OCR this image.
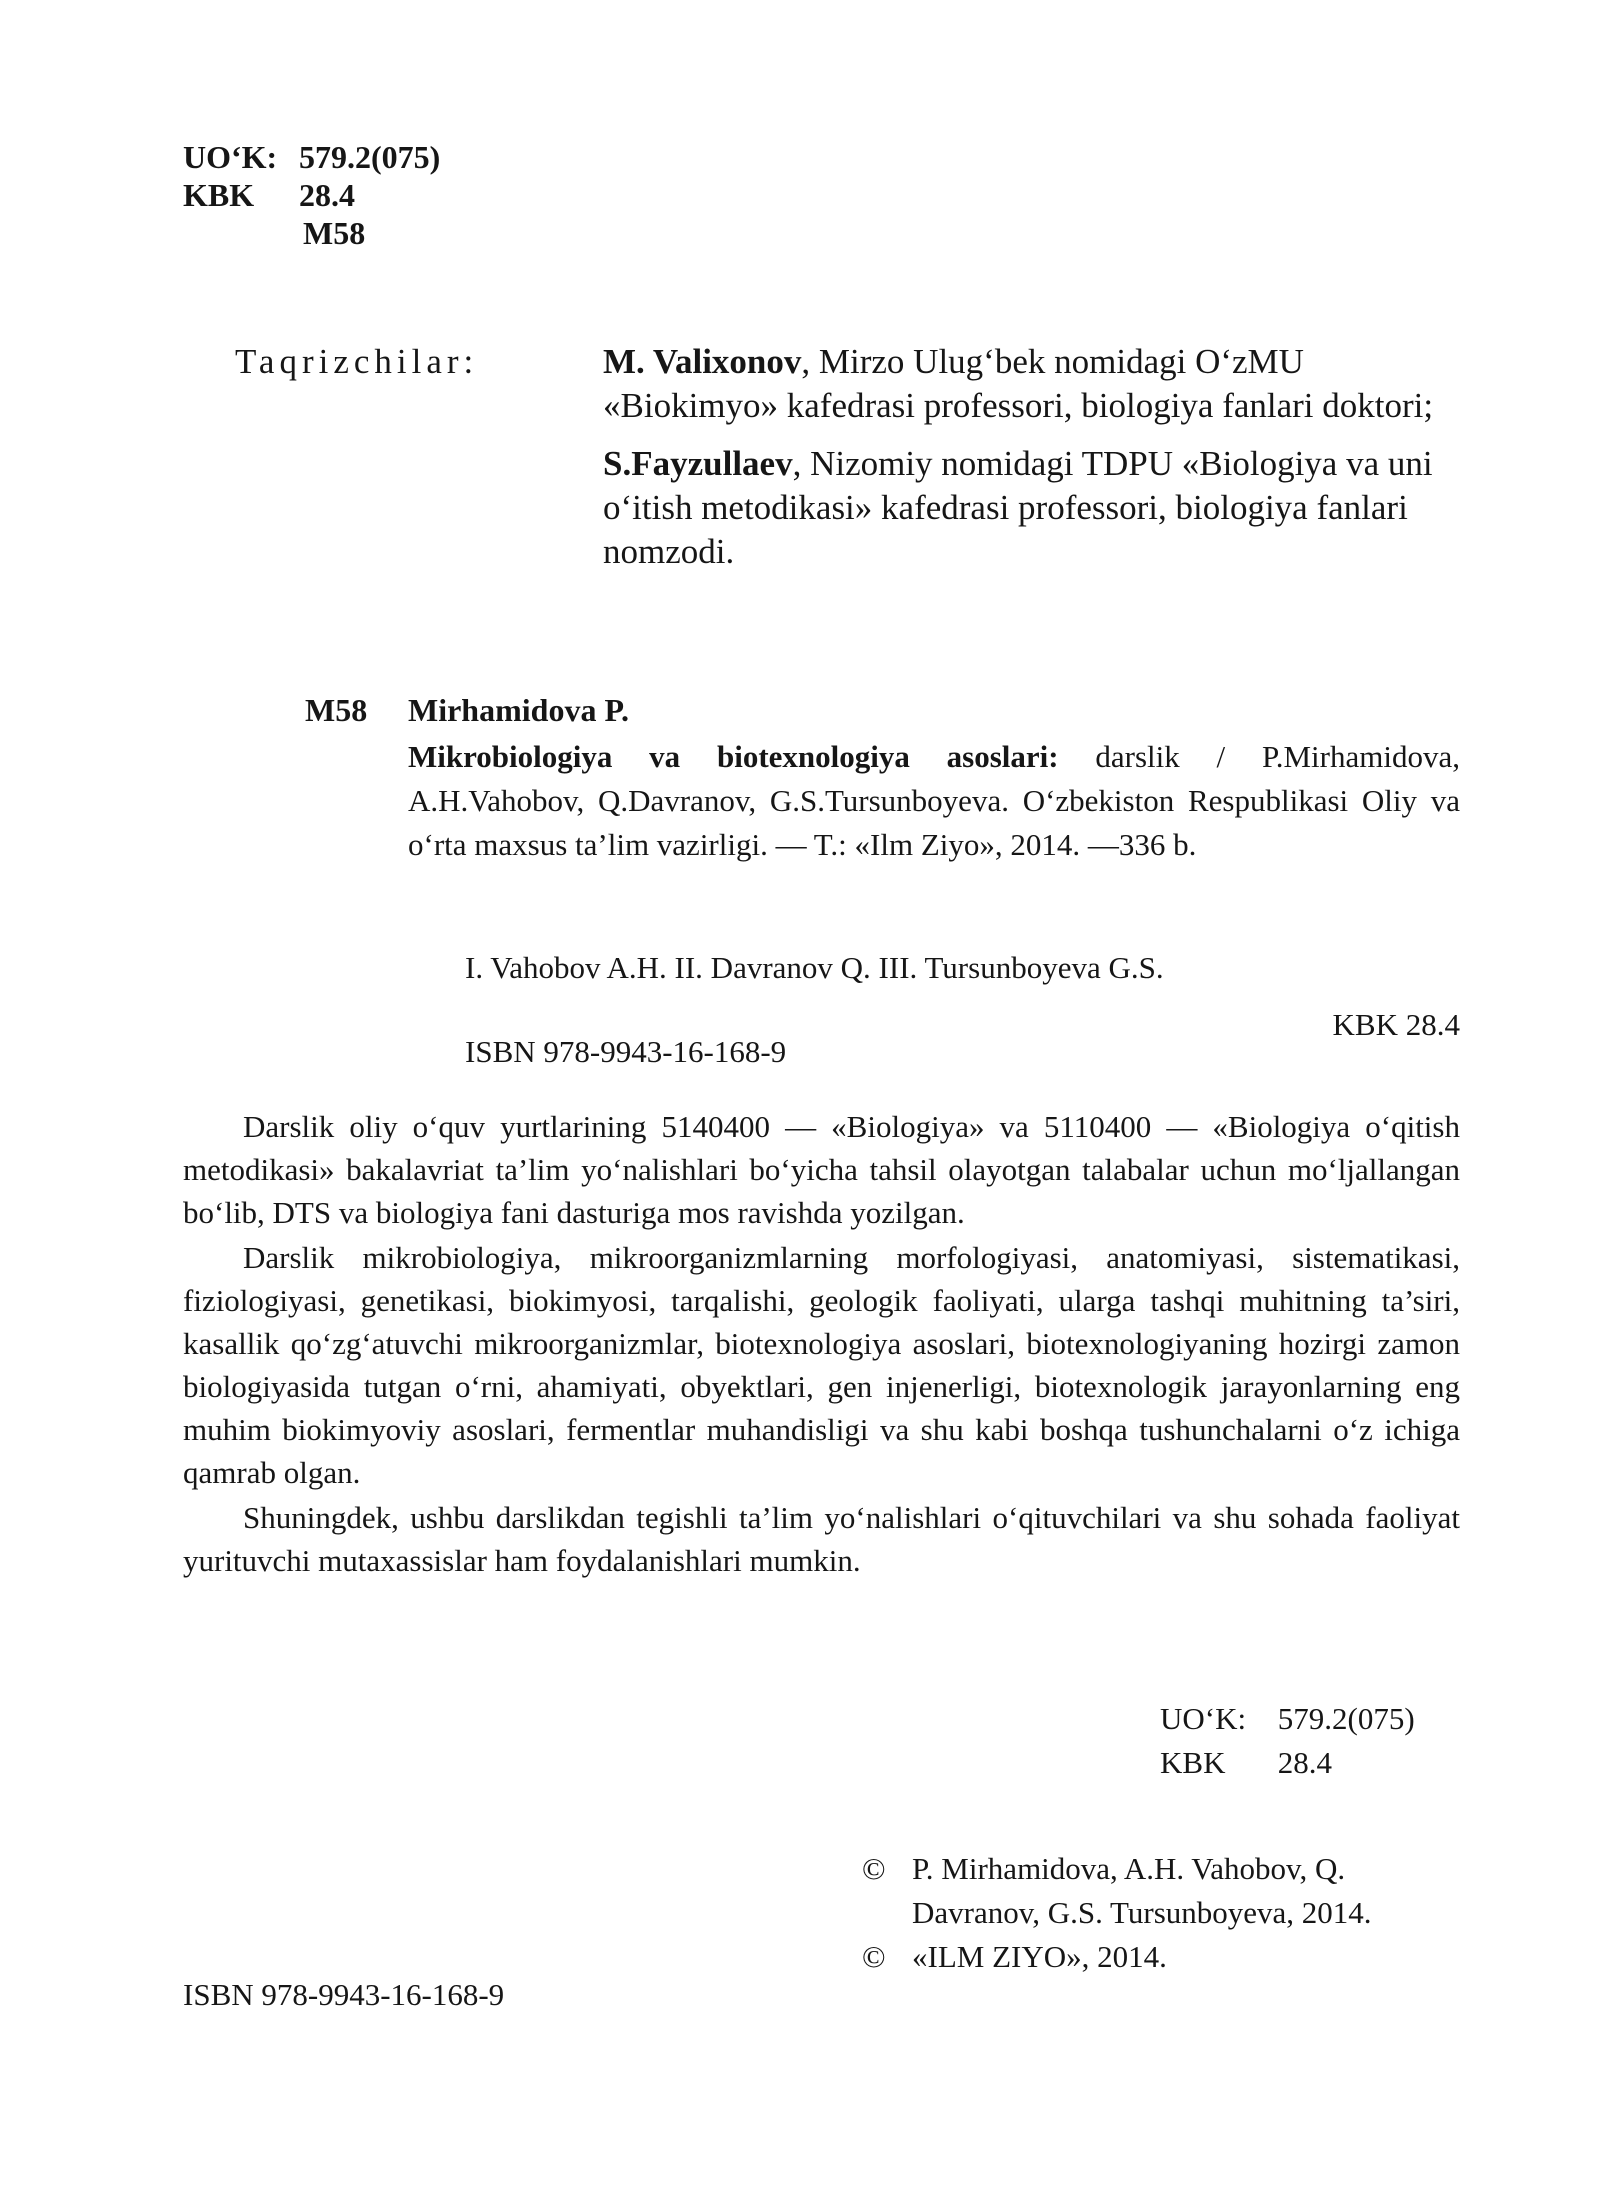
UO‘K: 579.2(075)
KBK 28.4
M58
Taqrizchilar:	M. Valixonov, Mirzo Ulug‘bek nomidagi O‘zMU «Biokimyo» kafedrasi professori, biologiya fanlari doktori;
S.Fayzullaev, Nizomiy nomidagi TDPU «Biologiya va uni o‘itish metodikasi» kafedrasi professori, biologiya fanlari nomzodi.
M58 Mirhamidova P.
Mikrobiologiya va biotexnologiya asoslari: darslik / P.Mirhamidova, A.H.Vahobov, Q.Davranov, G.S.Tursunboyeva. O‘zbekiston Respublikasi Oliy va o‘rta maxsus ta’lim vazirligi. — T.: «Ilm Ziyo», 2014. —336 b.
I. Vahobov A.H. II. Davranov Q. III. Tursunboyeva G.S.
KBK 28.4
ISBN 978-9943-16-168-9

Darslik oliy o‘quv yurtlarining 5140400 — «Biologiya» va 5110400 — «Biologiya o‘qitish metodikasi» bakalavriat ta’lim yo‘nalishlari bo‘yicha tahsil olayotgan talabalar uchun mo‘ljallangan bo‘lib, DTS va biologiya fani dasturiga mos ravishda yozilgan.

Darslik mikrobiologiya, mikroorganizmlarning morfologiyasi, anatomiyasi, sistematikasi, fiziologiyasi, genetikasi, biokimyosi, tarqalishi, geologik faoliyati, ularga tashqi muhitning ta’siri, kasallik qo‘zg‘atuvchi mikroorganizmlar, biotexnologiya asoslari, biotexnologiyaning hozirgi zamon biologiyasida tutgan o‘rni, ahamiyati, obyektlari, gen injenerligi, biotexnologik jarayonlarning eng muhim biokimyoviy asoslari, fermentlar muhandisligi va shu kabi boshqa tushunchalarni o‘z ichiga qamrab olgan.

Shuningdek, ushbu darslikdan tegishli ta’lim yo‘nalishlari o‘qituvchilari va shu sohada faoliyat yurituvchi mutaxassislar ham foydalanishlari mumkin.

UO‘K: 579.2(075)
KBK 28.4
© P. Mirhamidova, A.H. Vahobov, Q. Davranov, G.S. Tursunboyeva, 2014.
© «ILM ZIYO», 2014.
ISBN 978-9943-16-168-9
